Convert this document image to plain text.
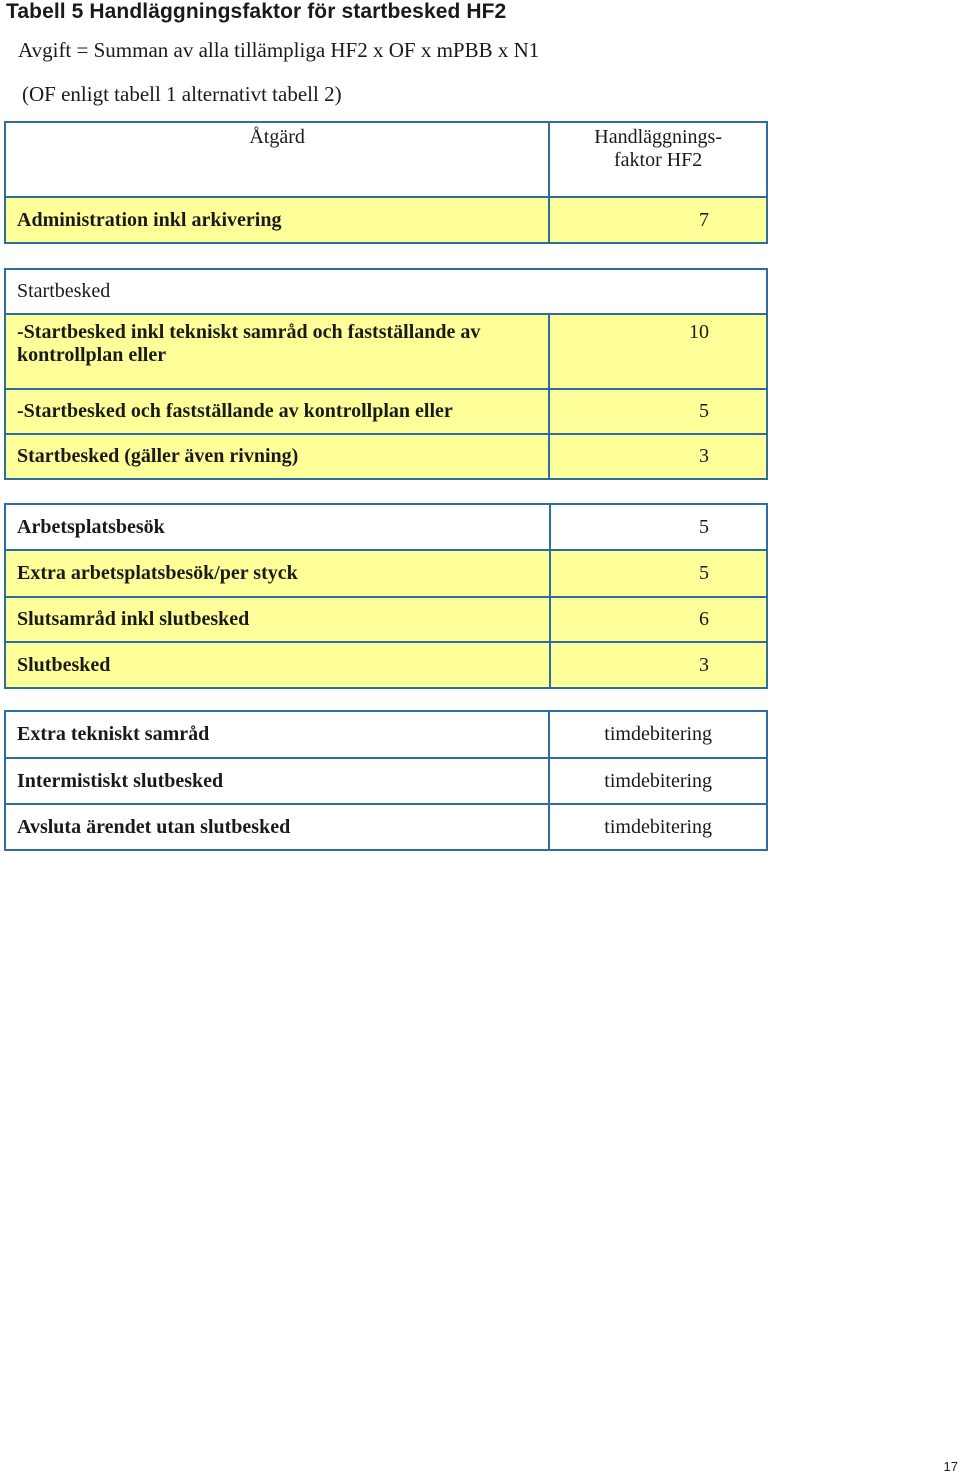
Tabell 5 Handläggningsfaktor för startbesked HF2
Avgift = Summan av alla tillämpliga HF2 x OF x mPBB x N1
(OF enligt tabell 1 alternativt tabell 2)
Åtgärd	Handläggnings-
faktor HF2
Administration inkl arkivering	7
Startbesked	
-Startbesked inkl tekniskt samråd och fastställande av
kontrollplan eller	10
-Startbesked och fastställande av kontrollplan eller	5
Startbesked (gäller även rivning)	3
Arbetsplatsbesök	5
Extra arbetsplatsbesök/per styck	5
Slutsamråd inkl slutbesked	6
Slutbesked	3
Extra tekniskt samråd	timdebitering
Intermistiskt slutbesked	timdebitering
Avsluta ärendet utan slutbesked	timdebitering
17
